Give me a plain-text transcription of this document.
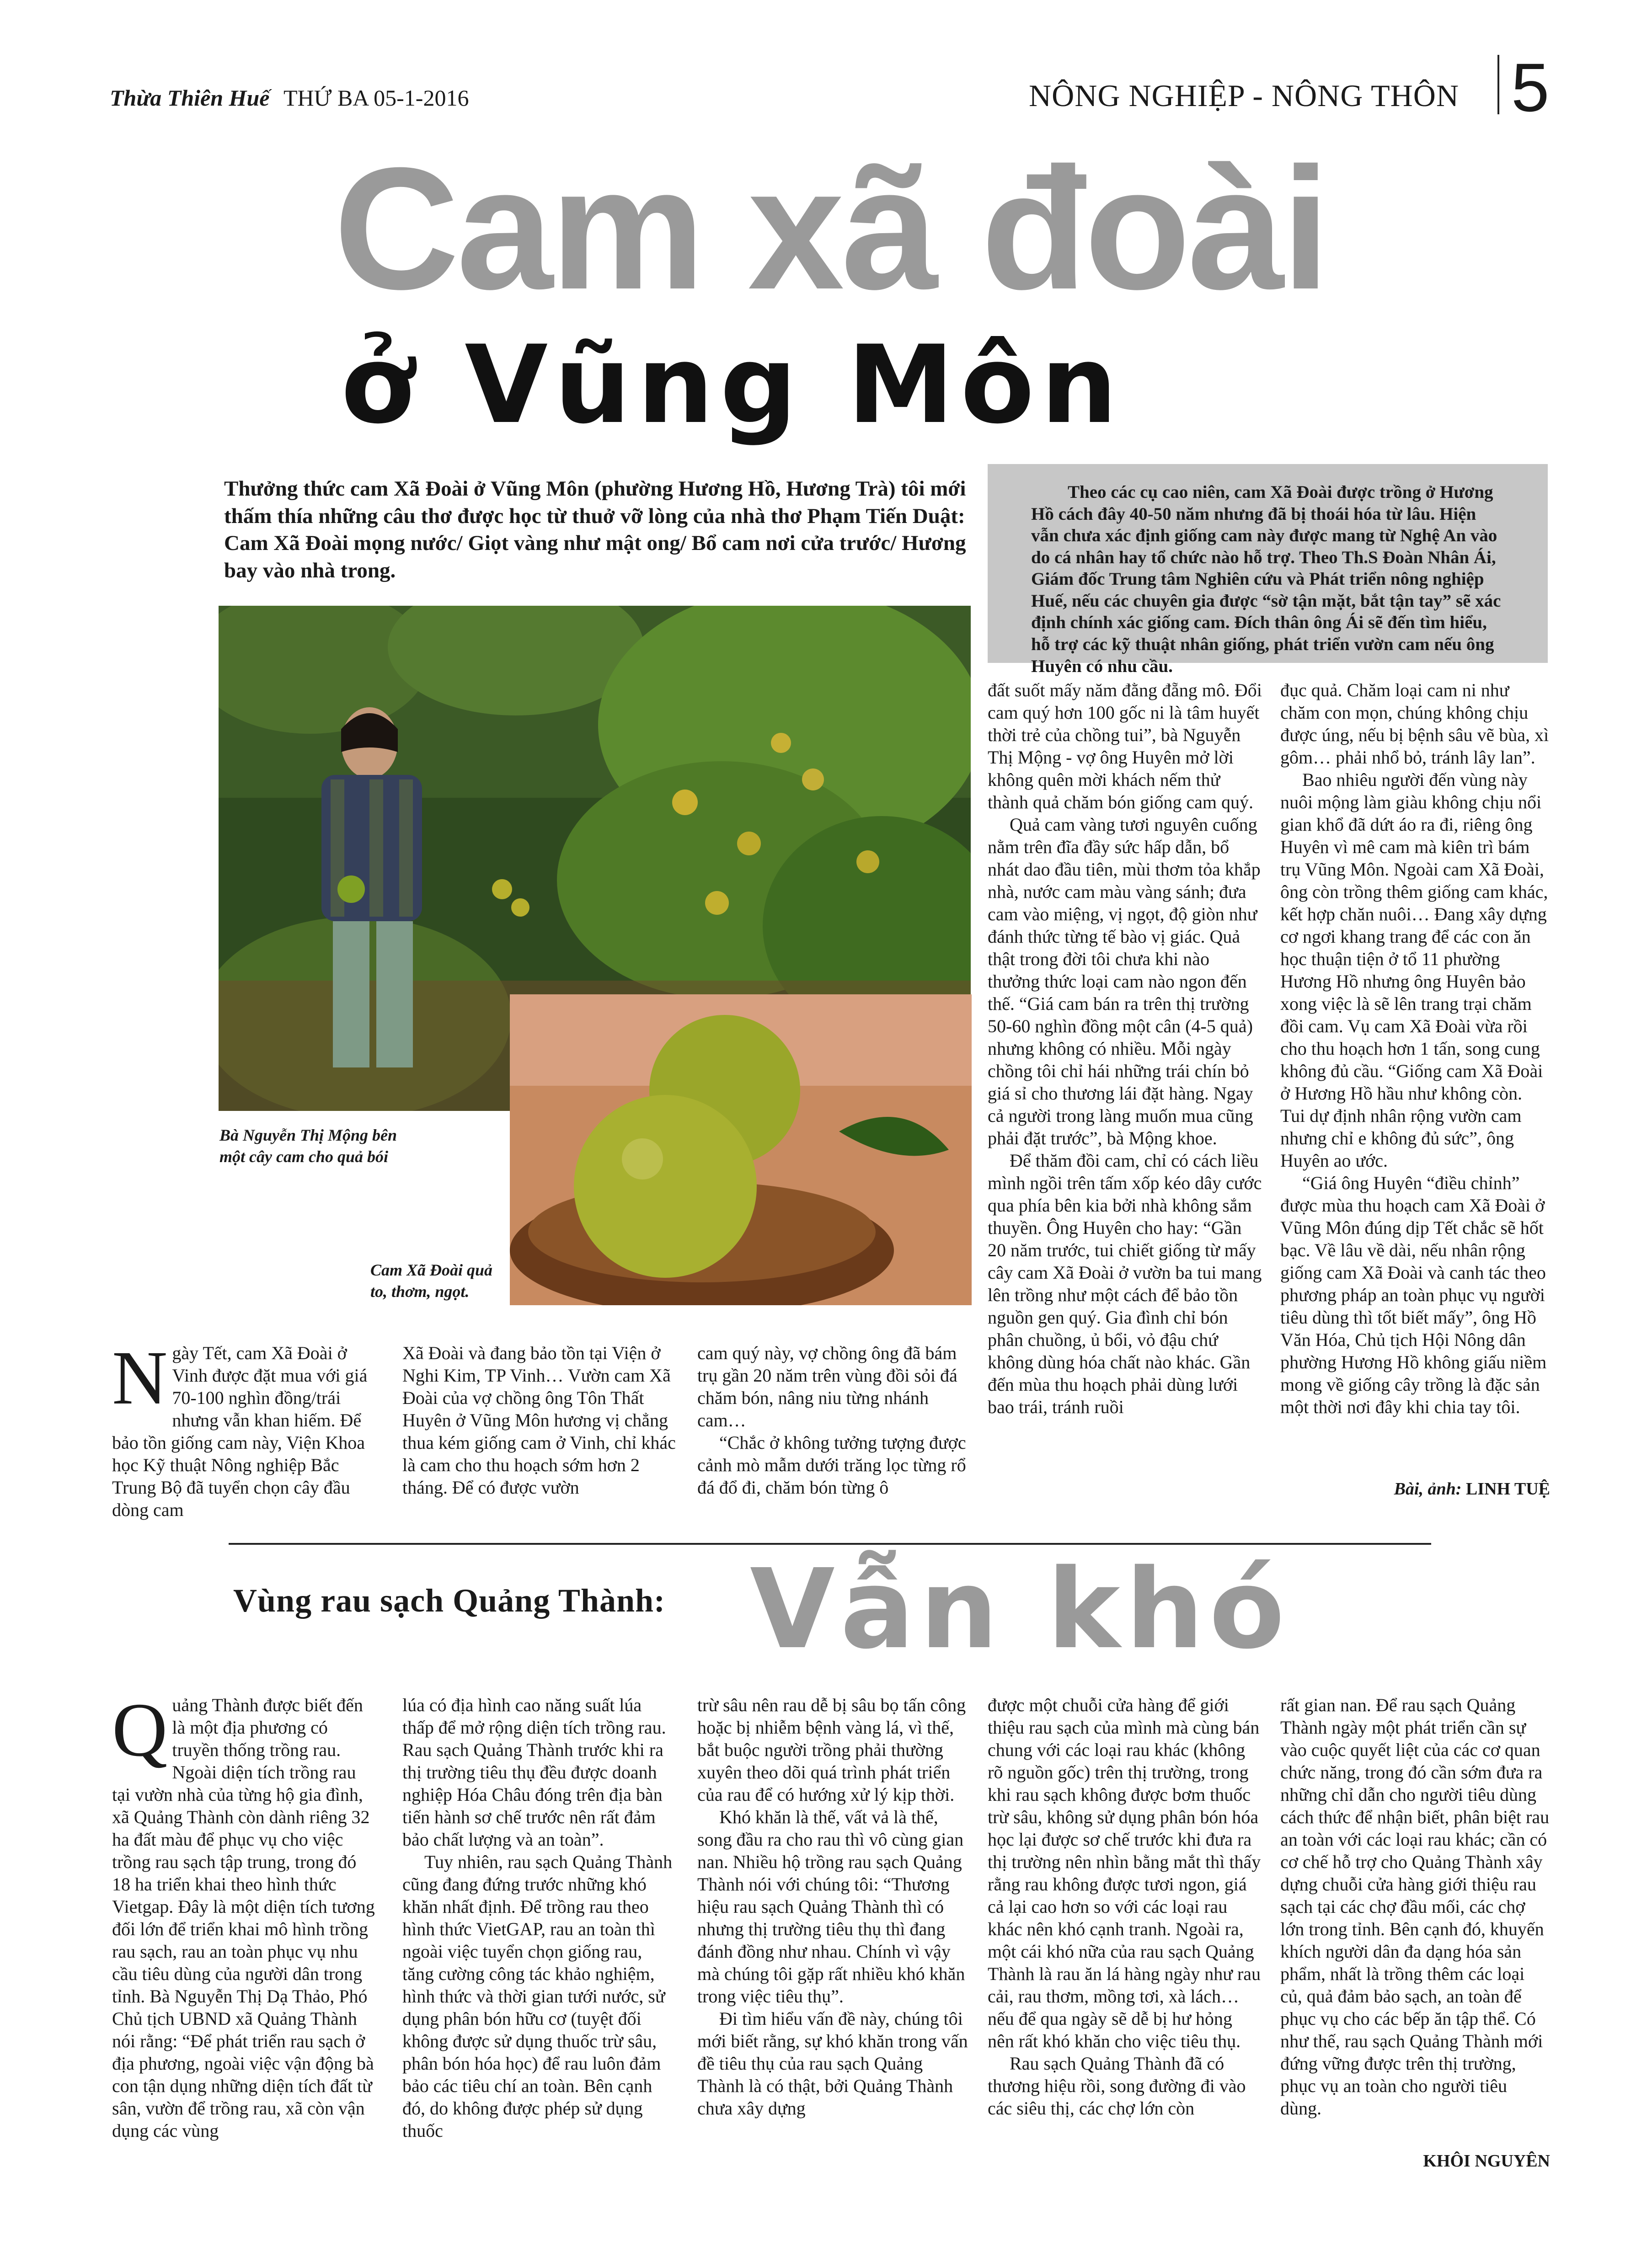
Thừa Thiên Huế THỨ BA 05-1-2016	NÔNG NGHIỆP - NÔNG THÔN 5
Cam xã đoài
ở Vũng Môn
Thưởng thức cam Xã Đoài ở Vũng Môn (phường Hương Hồ, Hương Trà) tôi mới thấm thía những câu thơ được học từ thuở vỡ lòng của nhà thơ Phạm Tiến Duật: Cam Xã Đoài mọng nước/ Giọt vàng như mật ong/ Bổ cam nơi cửa trước/ Hương bay vào nhà trong.

Theo các cụ cao niên, cam Xã Đoài được trồng ở Hương Hồ cách đây 40-50 năm nhưng đã bị thoái hóa từ lâu. Hiện vẫn chưa xác định giống cam này được mang từ Nghệ An vào do cá nhân hay tổ chức nào hỗ trợ. Theo Th.S Đoàn Nhân Ái, Giám đốc Trung tâm Nghiên cứu và Phát triển nông nghiệp Huế, nếu các chuyên gia được “sờ tận mặt, bắt tận tay” sẽ xác định chính xác giống cam. Đích thân ông Ái sẽ đến tìm hiểu, hỗ trợ các kỹ thuật nhân giống, phát triển vườn cam nếu ông Huyên có nhu cầu.

Bà Nguyễn Thị Mộng bên
một cây cam cho quả bói
Cam Xã Đoài quả
to, thơm, ngọt.

Ngày Tết, cam Xã Đoài ở Vinh được đặt mua với giá 70-100 nghìn đồng/trái nhưng vẫn khan hiếm. Để bảo tồn giống cam này, Viện Khoa học Kỹ thuật Nông nghiệp Bắc Trung Bộ đã tuyển chọn cây đầu dòng cam

Xã Đoài và đang bảo tồn tại Viện ở Nghi Kim, TP Vinh… Vườn cam Xã Đoài của vợ chồng ông Tôn Thất Huyên ở Vũng Môn hương vị chẳng thua kém giống cam ở Vinh, chỉ khác là cam cho thu hoạch sớm hơn 2 tháng. Để có được vườn

cam quý này, vợ chồng ông đã bám trụ gần 20 năm trên vùng đồi sỏi đá chăm bón, nâng niu từng nhánh cam…

“Chắc ở không tưởng tượng được cảnh mò mẫm dưới trăng lọc từng rổ đá đổ đi, chăm bón từng ô

đất suốt mấy năm đằng đẵng mô. Đổi cam quý hơn 100 gốc ni là tâm huyết thời trẻ của chồng tui”, bà Nguyễn Thị Mộng - vợ ông Huyên mở lời không quên mời khách nếm thử thành quả chăm bón giống cam quý.

Quả cam vàng tươi nguyên cuống nằm trên đĩa đầy sức hấp dẫn, bổ nhát dao đầu tiên, mùi thơm tỏa khắp nhà, nước cam màu vàng sánh; đưa cam vào miệng, vị ngọt, độ giòn như đánh thức từng tế bào vị giác. Quả thật trong đời tôi chưa khi nào thưởng thức loại cam nào ngon đến thế. “Giá cam bán ra trên thị trường 50-60 nghìn đồng một cân (4-5 quả) nhưng không có nhiều. Mỗi ngày chồng tôi chỉ hái những trái chín bỏ giá sỉ cho thương lái đặt hàng. Ngay cả người trong làng muốn mua cũng phải đặt trước”, bà Mộng khoe.

Để thăm đồi cam, chỉ có cách liều mình ngồi trên tấm xốp kéo dây cước qua phía bên kia bởi nhà không sắm thuyền. Ông Huyên cho hay: “Gần 20 năm trước, tui chiết giống từ mấy cây cam Xã Đoài ở vườn ba tui mang lên trồng như một cách để bảo tồn nguồn gen quý. Gia đình chỉ bón phân chuồng, ủ bổi, vỏ đậu chứ không dùng hóa chất nào khác. Gần đến mùa thu hoạch phải dùng lưới bao trái, tránh ruồi

đục quả. Chăm loại cam ni như chăm con mọn, chúng không chịu được úng, nếu bị bệnh sâu vẽ bùa, xì gôm… phải nhổ bỏ, tránh lây lan”.

Bao nhiêu người đến vùng này nuôi mộng làm giàu không chịu nổi gian khổ đã dứt áo ra đi, riêng ông Huyên vì mê cam mà kiên trì bám trụ Vũng Môn. Ngoài cam Xã Đoài, ông còn trồng thêm giống cam khác, kết hợp chăn nuôi… Đang xây dựng cơ ngơi khang trang để các con ăn học thuận tiện ở tổ 11 phường Hương Hồ nhưng ông Huyên bảo xong việc là sẽ lên trang trại chăm đồi cam. Vụ cam Xã Đoài vừa rồi cho thu hoạch hơn 1 tấn, song cung không đủ cầu. “Giống cam Xã Đoài ở Hương Hồ hầu như không còn. Tui dự định nhân rộng vườn cam nhưng chỉ e không đủ sức”, ông Huyên ao ước.

“Giá ông Huyên “điều chỉnh” được mùa thu hoạch cam Xã Đoài ở Vũng Môn đúng dịp Tết chắc sẽ hốt bạc. Về lâu về dài, nếu nhân rộng giống cam Xã Đoài và canh tác theo phương pháp an toàn phục vụ người tiêu dùng thì tốt biết mấy”, ông Hồ Văn Hóa, Chủ tịch Hội Nông dân phường Hương Hồ không giấu niềm mong về giống cây trồng là đặc sản một thời nơi đây khi chia tay tôi.

Bài, ảnh: LINH TUỆ
Vùng rau sạch Quảng Thành: Vẫn khó

Quảng Thành được biết đến là một địa phương có truyền thống trồng rau. Ngoài diện tích trồng rau tại vườn nhà của từng hộ gia đình, xã Quảng Thành còn dành riêng 32 ha đất màu để phục vụ cho việc trồng rau sạch tập trung, trong đó 18 ha triển khai theo hình thức Vietgap. Đây là một diện tích tương đối lớn để triển khai mô hình trồng rau sạch, rau an toàn phục vụ nhu cầu tiêu dùng của người dân trong tỉnh. Bà Nguyễn Thị Dạ Thảo, Phó Chủ tịch UBND xã Quảng Thành nói rằng: “Để phát triển rau sạch ở địa phương, ngoài việc vận động bà con tận dụng những diện tích đất từ sân, vườn để trồng rau, xã còn vận dụng các vùng

lúa có địa hình cao năng suất lúa thấp để mở rộng diện tích trồng rau. Rau sạch Quảng Thành trước khi ra thị trường tiêu thụ đều được doanh nghiệp Hóa Châu đóng trên địa bàn tiến hành sơ chế trước nên rất đảm bảo chất lượng và an toàn”.

Tuy nhiên, rau sạch Quảng Thành cũng đang đứng trước những khó khăn nhất định. Để trồng rau theo hình thức VietGAP, rau an toàn thì ngoài việc tuyển chọn giống rau, tăng cường công tác khảo nghiệm, hình thức và thời gian tưới nước, sử dụng phân bón hữu cơ (tuyệt đối không được sử dụng thuốc trừ sâu, phân bón hóa học) để rau luôn đảm bảo các tiêu chí an toàn. Bên cạnh đó, do không được phép sử dụng thuốc

trừ sâu nên rau dễ bị sâu bọ tấn công hoặc bị nhiễm bệnh vàng lá, vì thế, bắt buộc người trồng phải thường xuyên theo dõi quá trình phát triển của rau để có hướng xử lý kịp thời.

Khó khăn là thế, vất vả là thế, song đầu ra cho rau thì vô cùng gian nan. Nhiều hộ trồng rau sạch Quảng Thành nói với chúng tôi: “Thương hiệu rau sạch Quảng Thành thì có nhưng thị trường tiêu thụ thì đang đánh đồng như nhau. Chính vì vậy mà chúng tôi gặp rất nhiều khó khăn trong việc tiêu thụ”.

Đi tìm hiểu vấn đề này, chúng tôi mới biết rằng, sự khó khăn trong vấn đề tiêu thụ của rau sạch Quảng Thành là có thật, bởi Quảng Thành chưa xây dựng

được một chuỗi cửa hàng để giới thiệu rau sạch của mình mà cùng bán chung với các loại rau khác (không rõ nguồn gốc) trên thị trường, trong khi rau sạch không được bơm thuốc trừ sâu, không sử dụng phân bón hóa học lại được sơ chế trước khi đưa ra thị trường nên nhìn bằng mắt thì thấy rằng rau không được tươi ngon, giá cả lại cao hơn so với các loại rau khác nên khó cạnh tranh. Ngoài ra, một cái khó nữa của rau sạch Quảng Thành là rau ăn lá hàng ngày như rau cải, rau thơm, mồng tơi, xà lách… nếu để qua ngày sẽ dễ bị hư hỏng nên rất khó khăn cho việc tiêu thụ.

Rau sạch Quảng Thành đã có thương hiệu rồi, song đường đi vào các siêu thị, các chợ lớn còn

rất gian nan. Để rau sạch Quảng Thành ngày một phát triển cần sự vào cuộc quyết liệt của các cơ quan chức năng, trong đó cần sớm đưa ra những chỉ dẫn cho người tiêu dùng cách thức để nhận biết, phân biệt rau an toàn với các loại rau khác; cần có cơ chế hỗ trợ cho Quảng Thành xây dựng chuỗi cửa hàng giới thiệu rau sạch tại các chợ đầu mối, các chợ lớn trong tỉnh. Bên cạnh đó, khuyến khích người dân đa dạng hóa sản phẩm, nhất là trồng thêm các loại củ, quả đảm bảo sạch, an toàn để phục vụ cho các bếp ăn tập thể. Có như thế, rau sạch Quảng Thành mới đứng vững được trên thị trường, phục vụ an toàn cho người tiêu dùng.

KHÔI NGUYÊN
